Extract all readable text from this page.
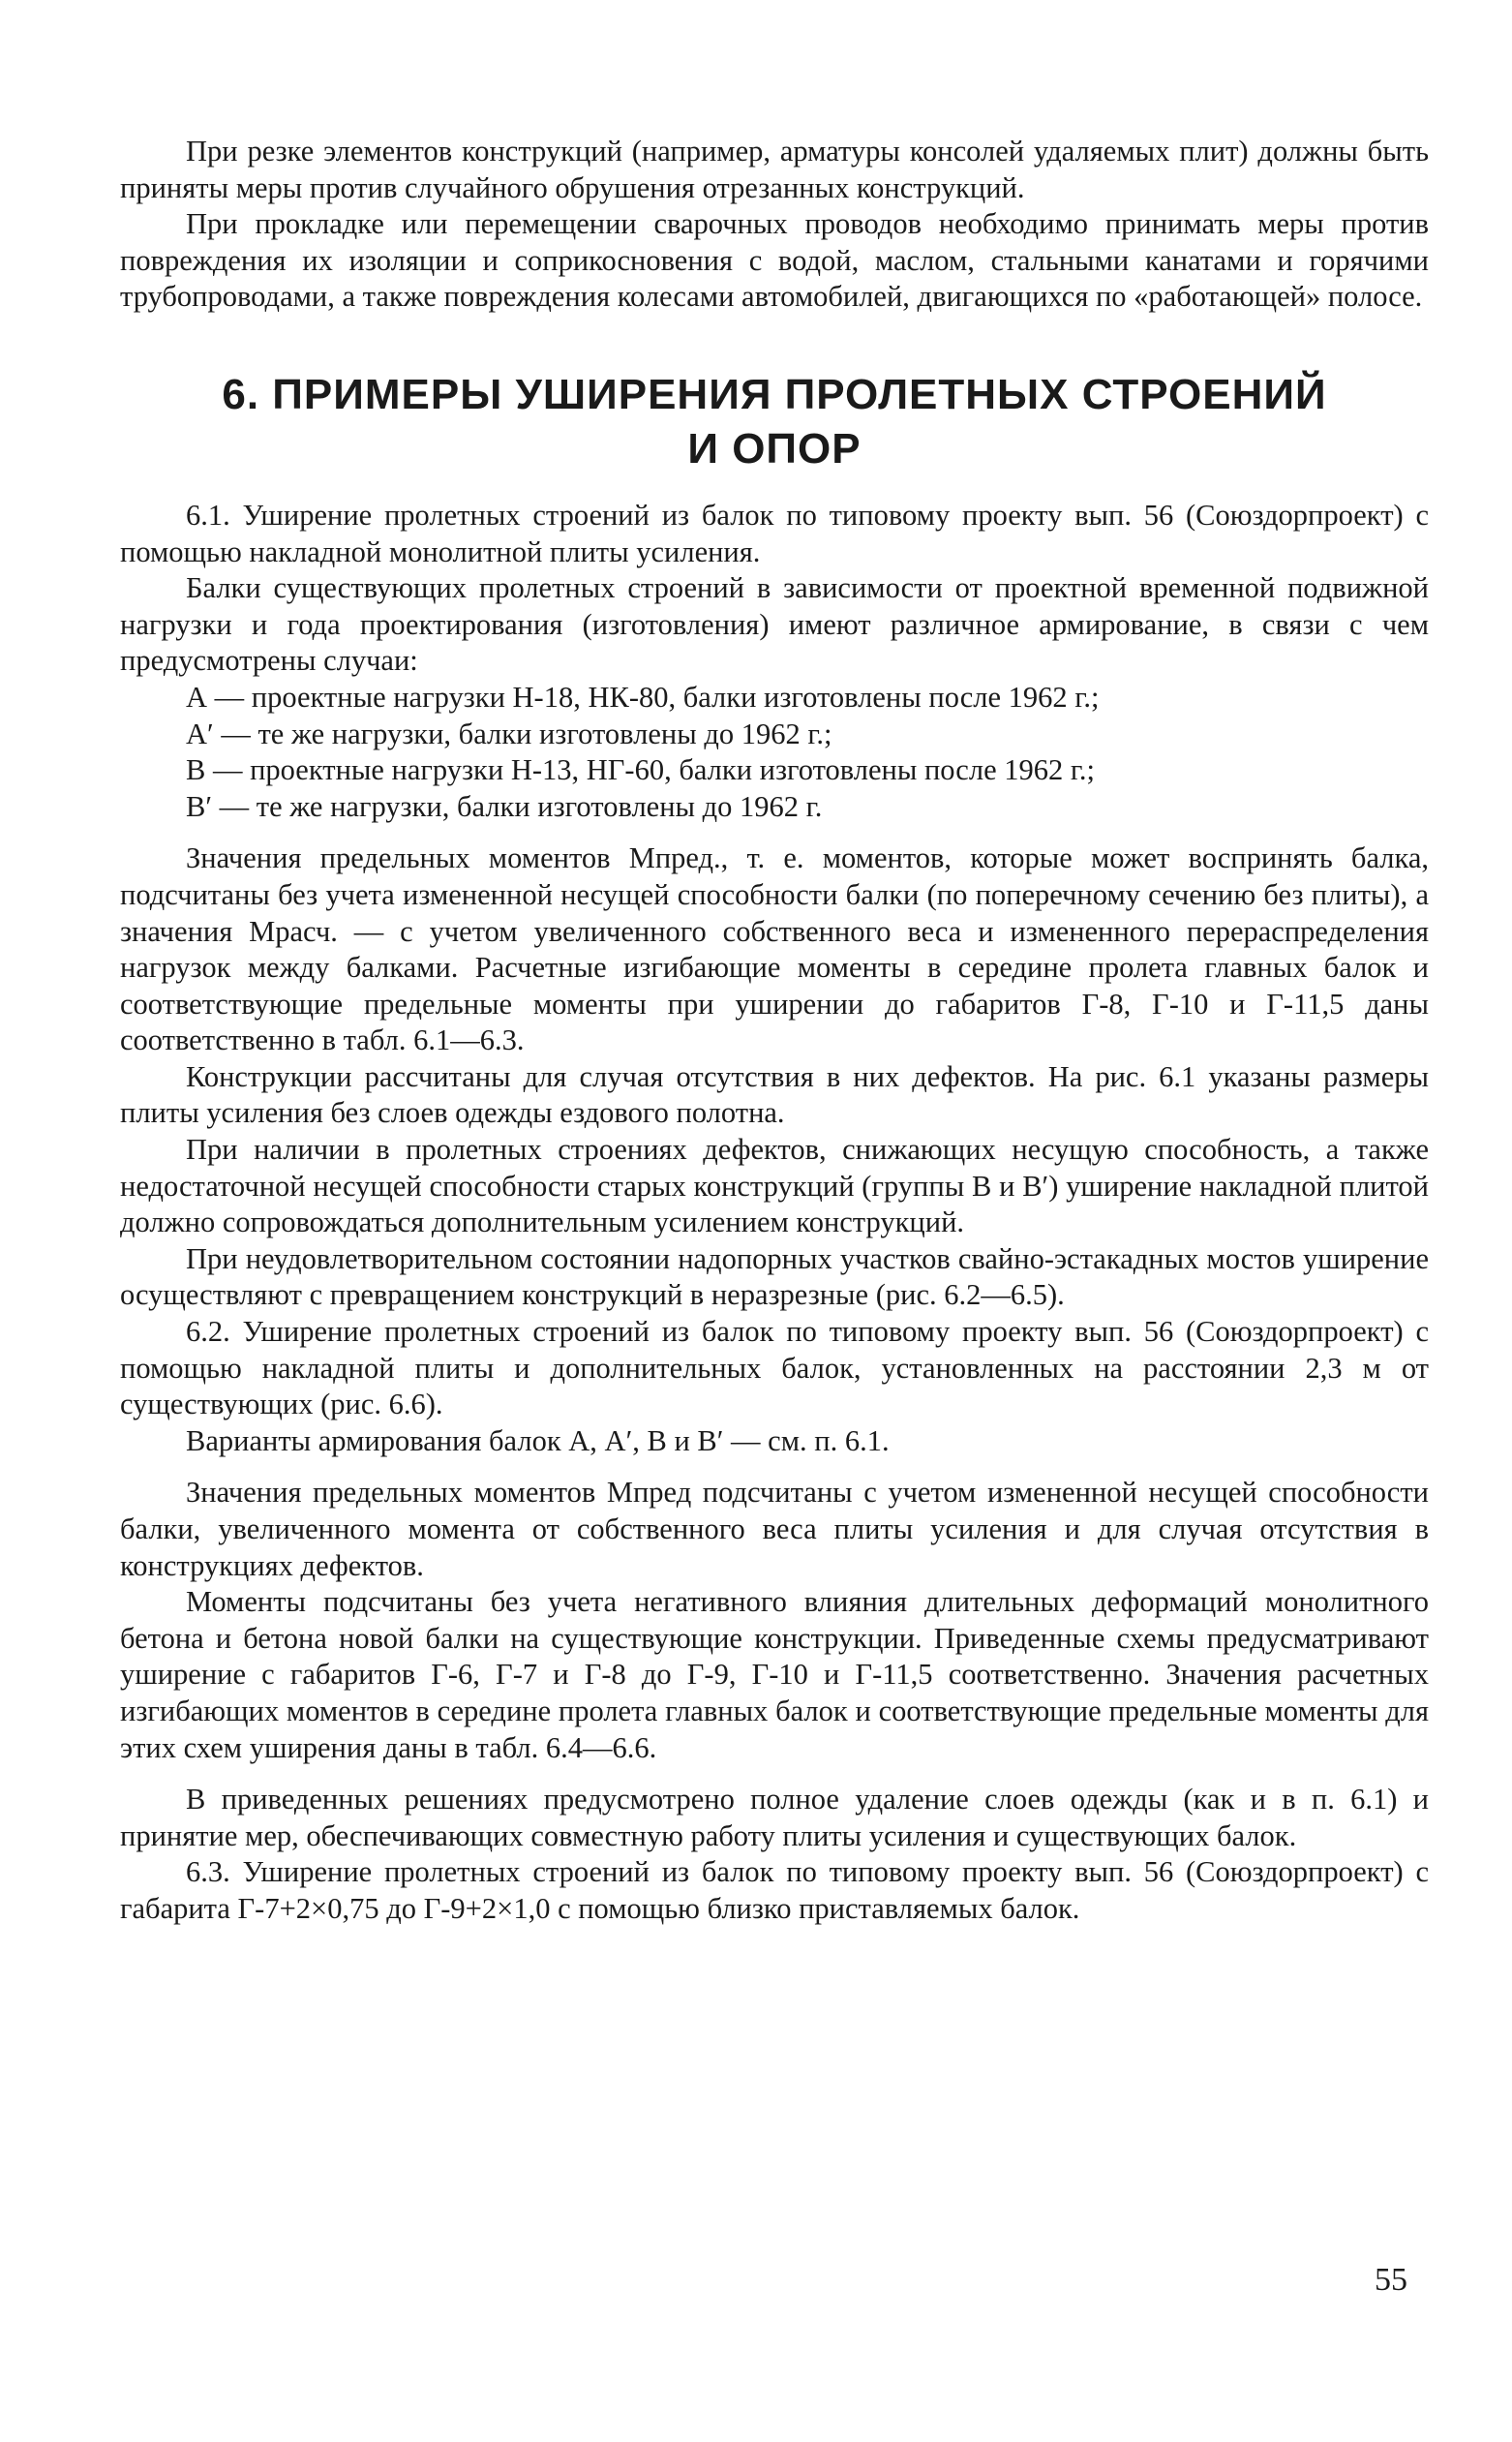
При резке элементов конструкций (например, арматуры консолей удаляемых плит) должны быть приняты меры против случайного обрушения отрезанных конструкций.

При прокладке или перемещении сварочных проводов необходимо принимать меры против повреждения их изоляции и соприкосновения с водой, маслом, стальными канатами и горячими трубопроводами, а также повреждения колесами автомобилей, двигающихся по «работающей» полосе.

6. ПРИМЕРЫ УШИРЕНИЯ ПРОЛЕТНЫХ СТРОЕНИЙ
И ОПОР

6.1. Уширение пролетных строений из балок по типовому проекту вып. 56 (Союздорпроект) с помощью накладной монолитной плиты усиления.

Балки существующих пролетных строений в зависимости от проектной временной подвижной нагрузки и года проектирования (изготовления) имеют различное армирование, в связи с чем предусмотрены случаи:

А — проектные нагрузки Н-18, НК-80, балки изготовлены после 1962 г.;

А′ — те же нагрузки, балки изготовлены до 1962 г.;

В — проектные нагрузки Н-13, НГ-60, балки изготовлены после 1962 г.;

В′ — те же нагрузки, балки изготовлены до 1962 г.

Значения предельных моментов Мпред., т. е. моментов, которые может воспринять балка, подсчитаны без учета измененной несущей способности балки (по поперечному сечению без плиты), а значения Мрасч. — с учетом увеличенного собственного веса и измененного перераспределения нагрузок между балками. Расчетные изгибающие моменты в середине пролета главных балок и соответствующие предельные моменты при уширении до габаритов Г-8, Г-10 и Г-11,5 даны соответственно в табл. 6.1—6.3.

Конструкции рассчитаны для случая отсутствия в них дефектов. На рис. 6.1 указаны размеры плиты усиления без слоев одежды ездового полотна.

При наличии в пролетных строениях дефектов, снижающих несущую способность, а также недостаточной несущей способности старых конструкций (группы В и В′) уширение накладной плитой должно сопровождаться дополнительным усилением конструкций.

При неудовлетворительном состоянии надопорных участков свайно-эстакадных мостов уширение осуществляют с превращением конструкций в неразрезные (рис. 6.2—6.5).

6.2. Уширение пролетных строений из балок по типовому проекту вып. 56 (Союздорпроект) с помощью накладной плиты и дополнительных балок, установленных на расстоянии 2,3 м от существующих (рис. 6.6).

Варианты армирования балок А, А′, В и В′ — см. п. 6.1.

Значения предельных моментов Мпред подсчитаны с учетом измененной несущей способности балки, увеличенного момента от собственного веса плиты усиления и для случая отсутствия в конструкциях дефектов.

Моменты подсчитаны без учета негативного влияния длительных деформаций монолитного бетона и бетона новой балки на существующие конструкции. Приведенные схемы предусматривают уширение с габаритов Г-6, Г-7 и Г-8 до Г-9, Г-10 и Г-11,5 соответственно. Значения расчетных изгибающих моментов в середине пролета главных балок и соответствующие предельные моменты для этих схем уширения даны в табл. 6.4—6.6.

В приведенных решениях предусмотрено полное удаление слоев одежды (как и в п. 6.1) и принятие мер, обеспечивающих совместную работу плиты усиления и существующих балок.

6.3. Уширение пролетных строений из балок по типовому проекту вып. 56 (Союздорпроект) с габарита Г-7+2×0,75 до Г-9+2×1,0 с помощью близко приставляемых балок.

55
